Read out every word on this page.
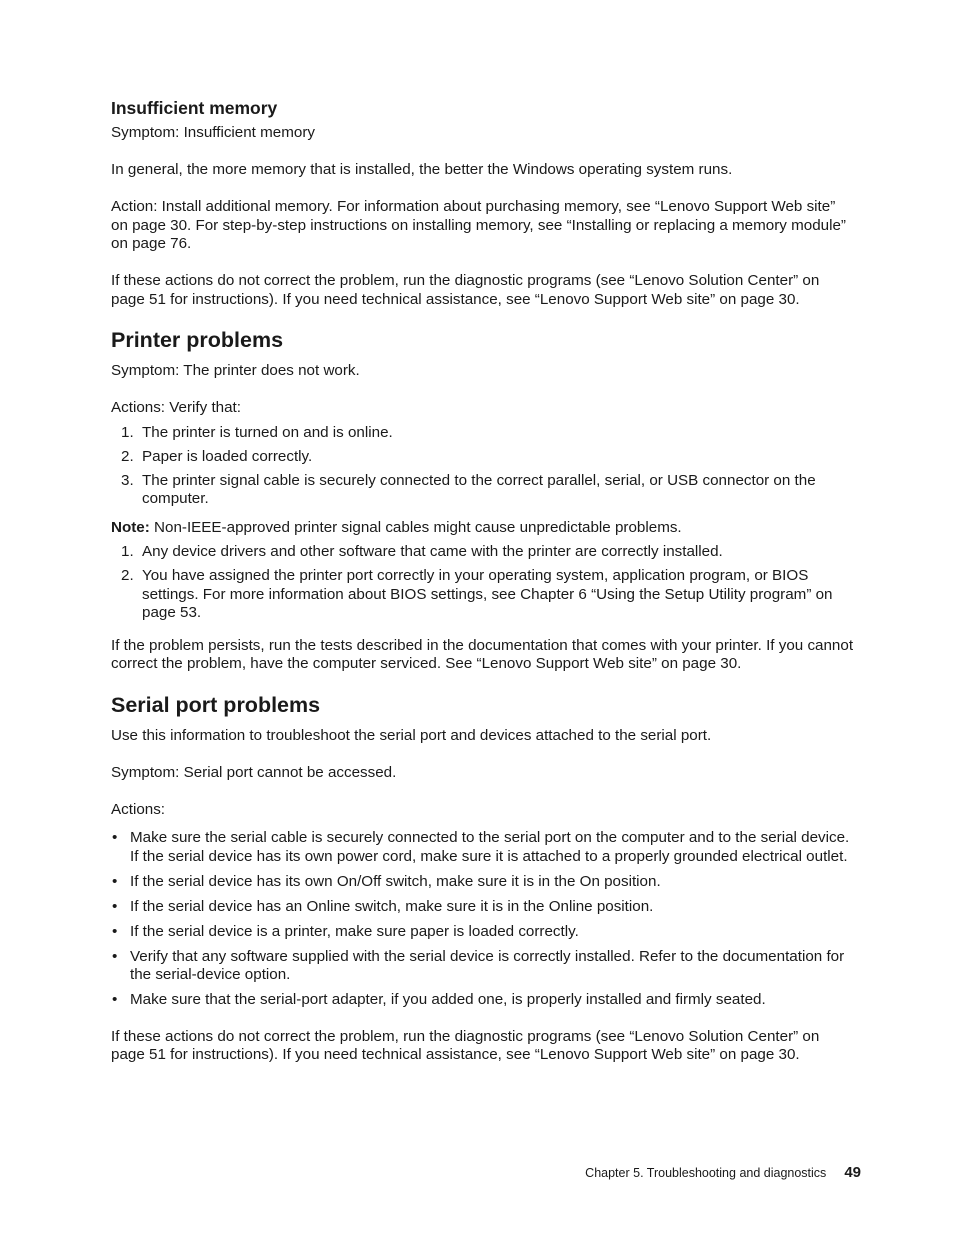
Insufficient memory

Symptom: Insufficient memory

In general, the more memory that is installed, the better the Windows operating system runs.

Action: Install additional memory. For information about purchasing memory, see “Lenovo Support Web site” on page 30. For step-by-step instructions on installing memory, see “Installing or replacing a memory module” on page 76.

If these actions do not correct the problem, run the diagnostic programs (see “Lenovo Solution Center” on page 51 for instructions). If you need technical assistance, see “Lenovo Support Web site” on page 30.

Printer problems

Symptom: The printer does not work.

Actions: Verify that:

1. The printer is turned on and is online.
2. Paper is loaded correctly.
3. The printer signal cable is securely connected to the correct parallel, serial, or USB connector on the computer.

Note: Non-IEEE-approved printer signal cables might cause unpredictable problems.

1. Any device drivers and other software that came with the printer are correctly installed.
2. You have assigned the printer port correctly in your operating system, application program, or BIOS settings. For more information about BIOS settings, see Chapter 6 “Using the Setup Utility program” on page 53.

If the problem persists, run the tests described in the documentation that comes with your printer. If you cannot correct the problem, have the computer serviced. See “Lenovo Support Web site” on page 30.

Serial port problems

Use this information to troubleshoot the serial port and devices attached to the serial port.

Symptom: Serial port cannot be accessed.

Actions:

• Make sure the serial cable is securely connected to the serial port on the computer and to the serial device. If the serial device has its own power cord, make sure it is attached to a properly grounded electrical outlet.
• If the serial device has its own On/Off switch, make sure it is in the On position.
• If the serial device has an Online switch, make sure it is in the Online position.
• If the serial device is a printer, make sure paper is loaded correctly.
• Verify that any software supplied with the serial device is correctly installed. Refer to the documentation for the serial-device option.
• Make sure that the serial-port adapter, if you added one, is properly installed and firmly seated.

If these actions do not correct the problem, run the diagnostic programs (see “Lenovo Solution Center” on page 51 for instructions). If you need technical assistance, see “Lenovo Support Web site” on page 30.

Chapter 5. Troubleshooting and diagnostics 49
